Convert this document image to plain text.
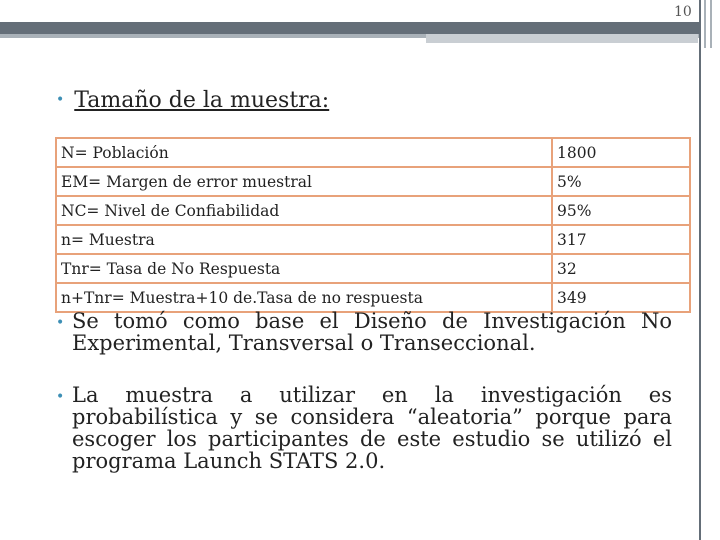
10
• Tamaño de la muestra:
N= Población	1800
EM= Margen de error muestral	5%
NC= Nivel de Confiabilidad	95%
n= Muestra	317
Tnr= Tasa de No Respuesta	32
n+Tnr= Muestra+10 de.Tasa de no respuesta	349
• Se tomó como base el Diseño de Investigación No Experimental, Transversal o Transeccional.
• La muestra a utilizar en la investigación es probabilística y se considera “aleatoria” porque para escoger los participantes de este estudio se utilizó el programa Launch STATS 2.0.
